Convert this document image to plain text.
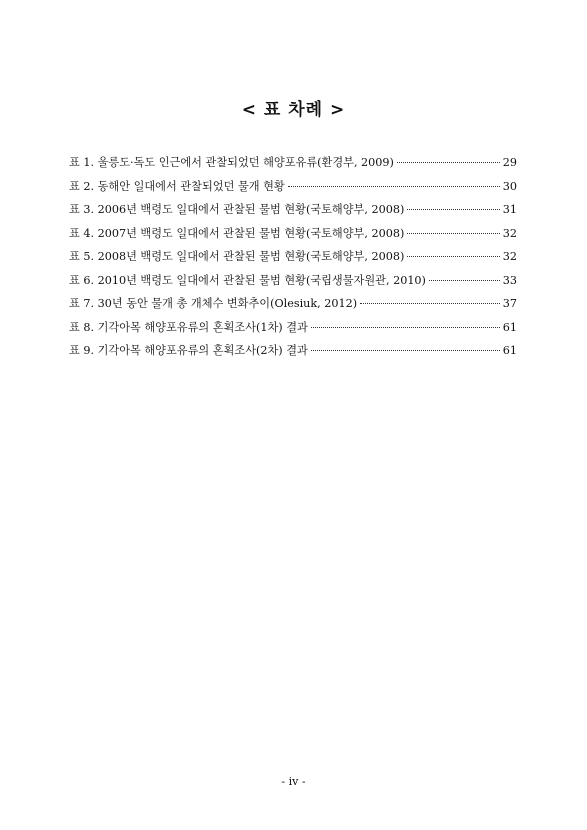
< 표 차례 >
표 1. 울릉도·독도 인근에서 관찰되었던 해양포유류(환경부, 2009)	29
표 2. 동해안 일대에서 관찰되었던 물개 현황	30
표 3. 2006년 백령도 일대에서 관찰된 물범 현황(국토해양부, 2008)	31
표 4. 2007년 백령도 일대에서 관찰된 물범 현황(국토해양부, 2008)	32
표 5. 2008년 백령도 일대에서 관찰된 물범 현황(국토해양부, 2008)	32
표 6. 2010년 백령도 일대에서 관찰된 물범 현황(국립생물자원관, 2010)	33
표 7. 30년 동안 물개 총 개체수 변화추이(Olesiuk, 2012)	37
표 8. 기각아목 해양포유류의 혼획조사(1차) 결과	61
표 9. 기각아목 해양포유류의 혼획조사(2차) 결과	61
- iv -
